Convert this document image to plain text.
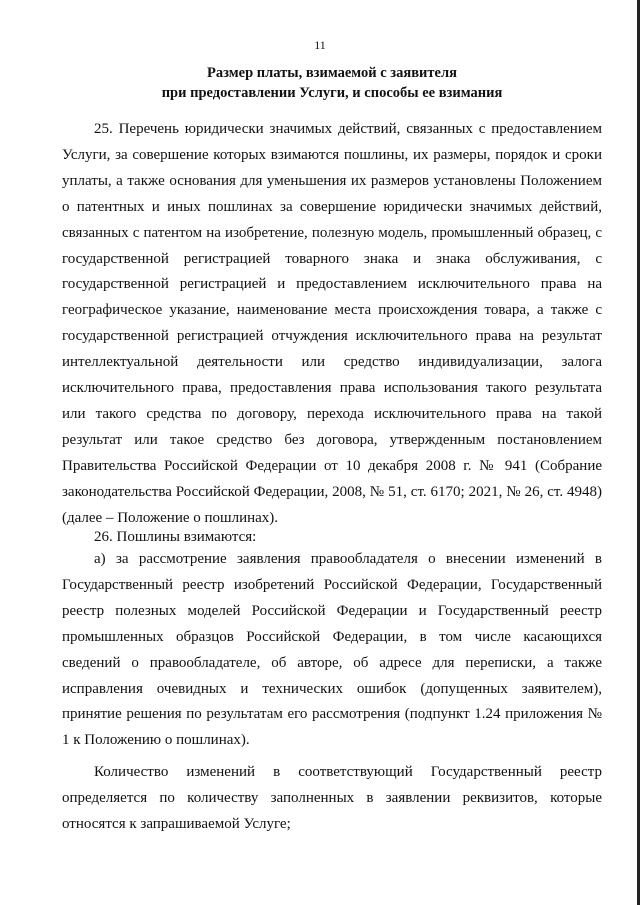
11
Размер платы, взимаемой с заявителя
при предоставлении Услуги, и способы ее взимания

25. Перечень юридически значимых действий, связанных с предоставлением Услуги, за совершение которых взимаются пошлины, их размеры, порядок и сроки уплаты, а также основания для уменьшения их размеров установлены Положением о патентных и иных пошлинах за совершение юридически значимых действий, связанных с патентом на изобретение, полезную модель, промышленный образец, с государственной регистрацией товарного знака и знака обслуживания, с государственной регистрацией и предоставлением исключительного права на географическое указание, наименование места происхождения товара, а также с государственной регистрацией отчуждения исключительного права на результат интеллектуальной деятельности или средство индивидуализации, залога исключительного права, предоставления права использования такого результата или такого средства по договору, перехода исключительного права на такой результат или такое средство без договора, утвержденным постановлением Правительства Российской Федерации от 10 декабря 2008 г. № 941 (Собрание законодательства Российской Федерации, 2008, № 51, ст. 6170; 2021, № 26, ст. 4948) (далее – Положение о пошлинах).

26. Пошлины взимаются:

а) за рассмотрение заявления правообладателя о внесении изменений в Государственный реестр изобретений Российской Федерации, Государственный реестр полезных моделей Российской Федерации и Государственный реестр промышленных образцов Российской Федерации, в том числе касающихся сведений о правообладателе, об авторе, об адресе для переписки, а также исправления очевидных и технических ошибок (допущенных заявителем), принятие решения по результатам его рассмотрения (подпункт 1.24 приложения № 1 к Положению о пошлинах).

Количество изменений в соответствующий Государственный реестр определяется по количеству заполненных в заявлении реквизитов, которые относятся к запрашиваемой Услуге;
